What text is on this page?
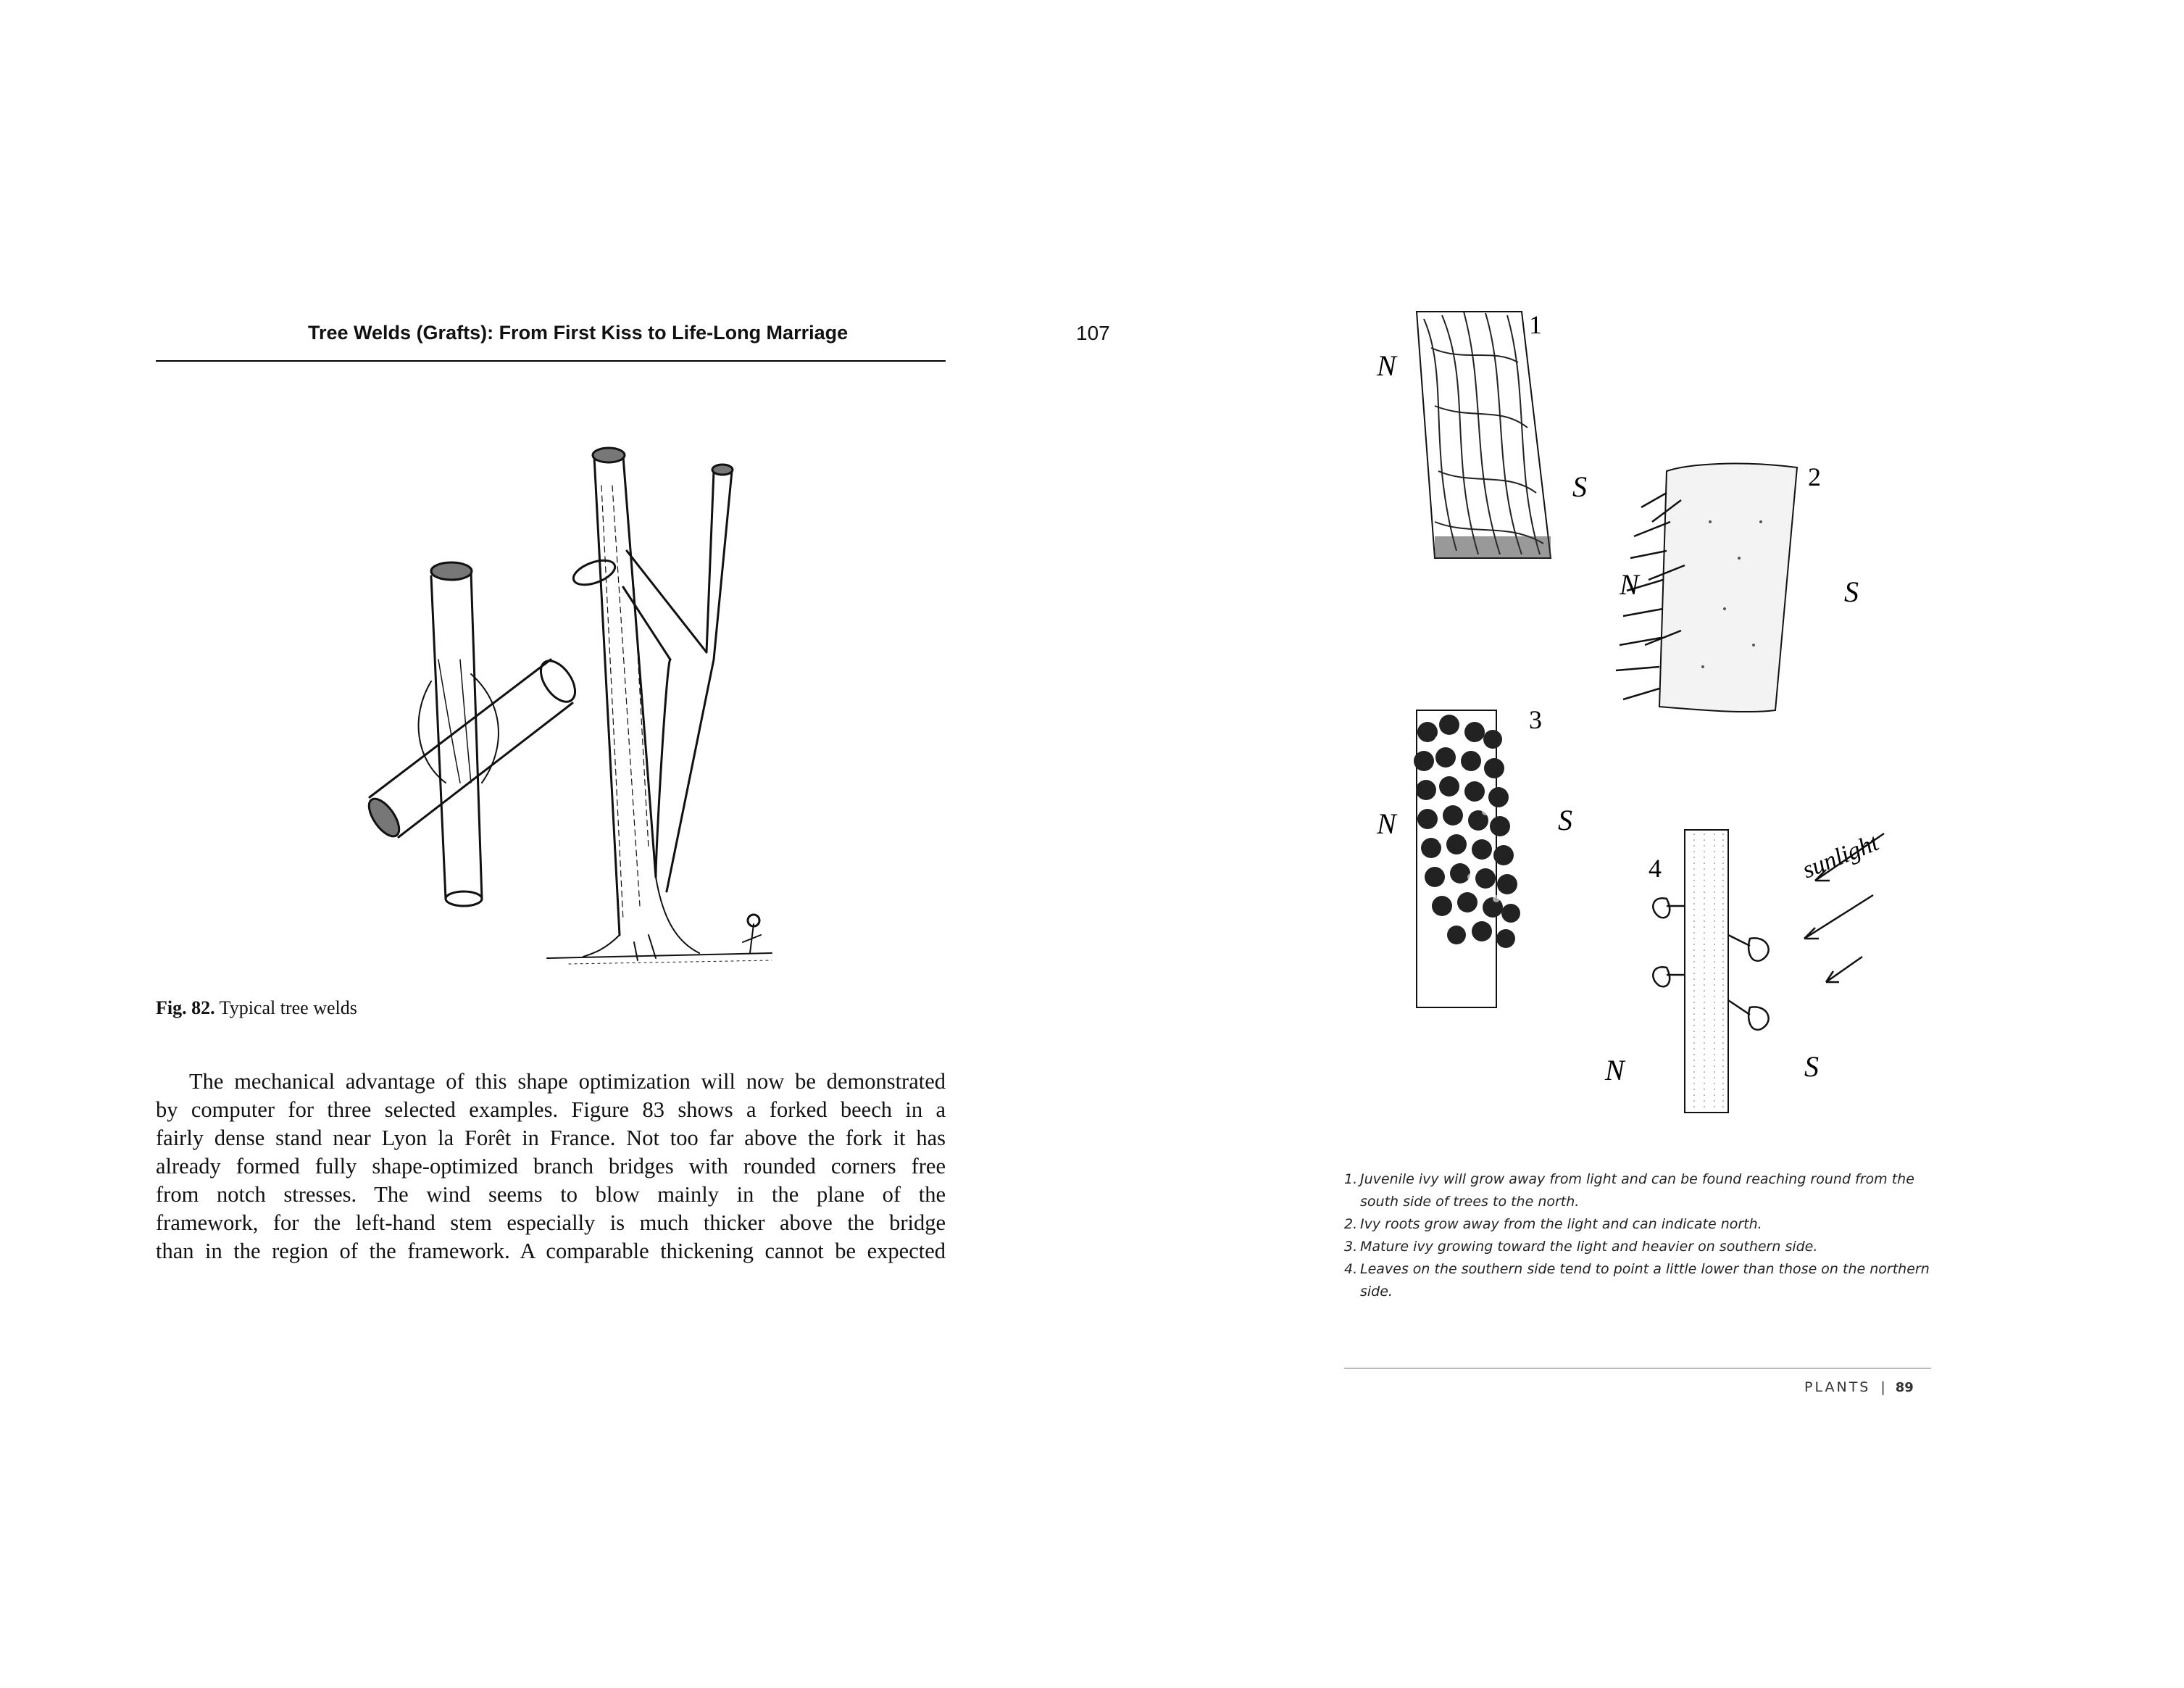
Tree Welds (Grafts): From First Kiss to Life-Long Marriage	107
Fig. 82. Typical tree welds
The mechanical advantage of this shape optimization will now be demonstrated
by computer for three selected examples. Figure 83 shows a forked beech in a
fairly dense stand near Lyon la Forêt in France. Not too far above the fork it has
already formed fully shape-optimized branch bridges with rounded corners free
from notch stresses. The wind seems to blow mainly in the plane of the
framework, for the left-hand stem especially is much thicker above the bridge
than in the region of the framework. A comparable thickening cannot be expected
1
N
S	2
N	S
3
N	S
4	sunlight
N	S
1. Juvenile ivy will grow away from light and can be found reaching round from the south side of trees to the north.
2. Ivy roots grow away from the light and can indicate north.
3. Mature ivy growing toward the light and heavier on southern side.
4. Leaves on the southern side tend to point a little lower than those on the northern side.
PLANTS | 89
